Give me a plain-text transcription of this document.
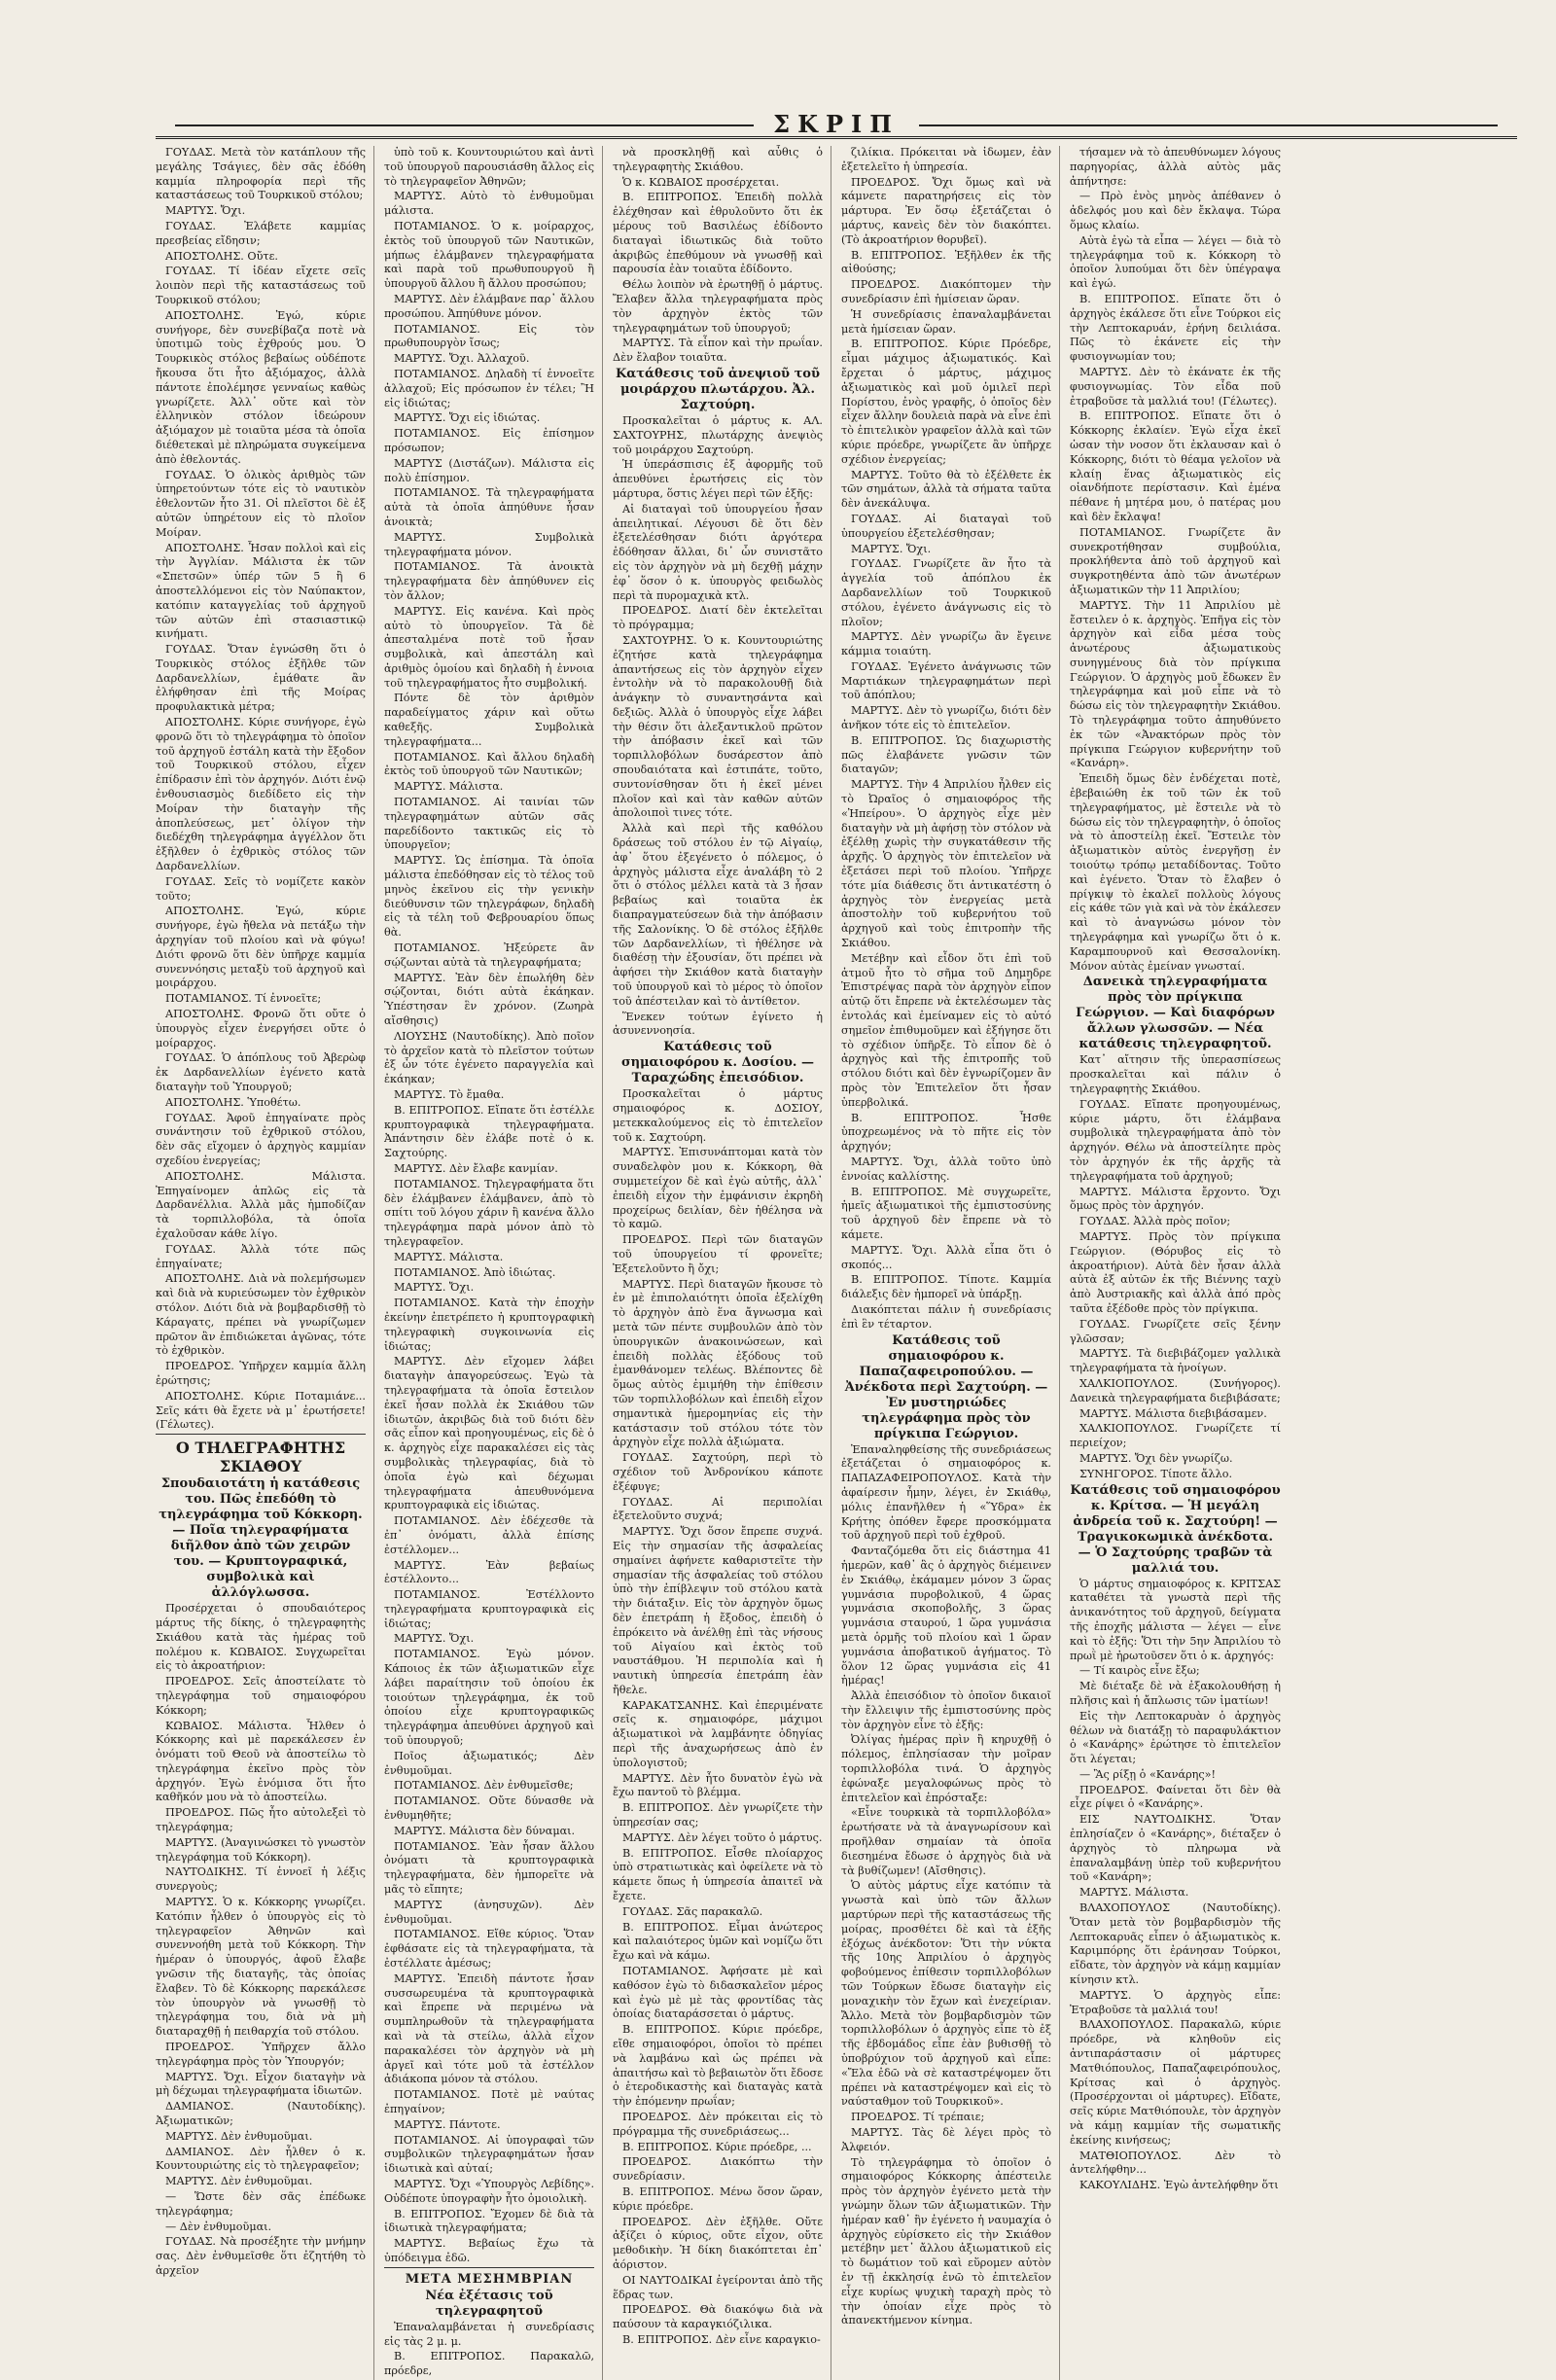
ΣΚΡΙΠ

ΓΟΥΔΑΣ. Μετὰ τὸν κατάπλουν τῆς μεγάλης Τσάγιες, δὲν σᾶς ἐδόθη καμμία πληροφορία περὶ τῆς καταστάσεως τοῦ Τουρκικοῦ στόλου;

ΜΑΡΤΥΣ. Ὄχι.

ΓΟΥΔΑΣ. Ἐλάβετε καμμίας πρεσβείας εἴδησιν;

ΑΠΟΣΤΟΛΗΣ. Οὔτε.

ΓΟΥΔΑΣ. Τί ἰδέαν εἴχετε σεῖς λοιπὸν περὶ τῆς καταστάσεως τοῦ Τουρκικοῦ στόλου;

ΑΠΟΣΤΟΛΗΣ. Ἐγώ, κύριε συνήγορε, δὲν συνεβίβαζα ποτὲ νὰ ὑποτιμῶ τοὺς ἐχθρούς μου. Ὁ Τουρκικὸς στόλος βεβαίως οὐδέποτε ἤκουσα ὅτι ἦτο ἀξιόμαχος, ἀλλὰ πάντοτε ἐπολέμησε γενναίως καθὼς γνωρίζετε. Ἀλλ᾽ οὔτε καὶ τὸν ἑλληνικὸν στόλον ἰδεώρουν ἀξιόμαχον μὲ τοιαῦτα μέσα τὰ ὁποῖα διέθετεκαὶ μὲ πληρώματα συγκείμενα ἀπὸ ἐθελοντάς.

ΓΟΥΔΑΣ. Ὁ ὁλικὸς ἀριθμὸς τῶν ὑπηρετούντων τότε εἰς τὸ ναυτικὸν ἐθελοντῶν ἦτο 31. Οἱ πλεῖστοι δὲ ἐξ αὐτῶν ὑπηρέτουν εἰς τὸ πλοῖον Μοίραν.

ΑΠΟΣΤΟΛΗΣ. Ἦσαν πολλοὶ καὶ εἰς τὴν Ἀγγλίαν. Μάλιστα ἐκ τῶν «Σπετσῶν» ὑπέρ τῶν 5 ἢ 6 ἀποστελλόμενοι εἰς τὸν Ναύπακτον, κατόπιν καταγγελίας τοῦ ἀρχηγοῦ τῶν αὐτῶν ἐπὶ στασιαστικῷ κινήματι.

ΓΟΥΔΑΣ. Ὅταν ἐγνώσθη ὅτι ὁ Τουρκικὸς στόλος ἐξῆλθε τῶν Δαρδανελλίων, ἐμάθατε ἂν ἐλήφθησαν ἐπὶ τῆς Μοίρας προφυλακτικὰ μέτρα;

ΑΠΟΣΤΟΛΗΣ. Κύριε συνήγορε, ἐγὼ φρονῶ ὅτι τὸ τηλεγράφημα τὸ ὁποῖον τοῦ ἀρχηγοῦ ἐστάλη κατὰ τὴν ἔξοδον τοῦ Τουρκικοῦ στόλου, εἶχεν ἐπίδρασιν ἐπὶ τὸν ἀρχηγόν. Διότι ἐνῷ ἐνθουσιασμὸς διεδίδετο εἰς τὴν Μοίραν τὴν διαταγὴν τῆς ἀποπλεύσεως, μετ᾽ ὀλίγον τὴν διεδέχθη τηλεγράφημα ἀγγέλλον ὅτι ἐξῆλθεν ὁ ἐχθρικὸς στόλος τῶν Δαρδανελλίων.

ΓΟΥΔΑΣ. Σεῖς τὸ νομίζετε κακὸν τοῦτο;

ΑΠΟΣΤΟΛΗΣ. Ἐγώ, κύριε συνήγορε, ἐγὼ ἤθελα νὰ πετάξω τὴν ἀρχηγίαν τοῦ πλοίου καὶ νὰ φύγω! Διότι φρονῶ ὅτι δὲν ὑπῆρχε καμμία συνεννόησις μεταξὺ τοῦ ἀρχηγοῦ καὶ μοιράρχου.

ΠΟΤΑΜΙΑΝΟΣ. Τί ἐννοεῖτε;

ΑΠΟΣΤΟΛΗΣ. Φρονῶ ὅτι οὔτε ὁ ὑπουργὸς εἶχεν ἐνεργήσει οὔτε ὁ μοίραρχος.

ΓΟΥΔΑΣ. Ὁ ἀπόπλους τοῦ Ἀβερὼφ ἐκ Δαρδανελλίων ἐγένετο κατὰ διαταγὴν τοῦ Ὑπουργοῦ;

ΑΠΟΣΤΟΛΗΣ. Ὑποθέτω.

ΓΟΥΔΑΣ. Ἀφοῦ ἐπηγαίνατε πρὸς συνάντησιν τοῦ ἐχθρικοῦ στόλου, δὲν σᾶς εἴχομεν ὁ ἀρχηγὸς καμμίαν σχεδίου ἐνεργείας;

ΑΠΟΣΤΟΛΗΣ. Μάλιστα. Ἐπηγαίνομεν ἁπλῶς εἰς τὰ Δαρδανέλλια. Ἀλλὰ μᾶς ἠμποδίζαν τὰ τορπιλλοβόλα, τὰ ὁποῖα ἐχαλοῦσαν κάθε λίγο.

ΓΟΥΔΑΣ. Ἀλλὰ τότε πῶς ἐπηγαίνατε;

ΑΠΟΣΤΟΛΗΣ. Διὰ νὰ πολεμήσωμεν καὶ διὰ νὰ κυριεύσωμεν τὸν ἐχθρικὸν στόλον. Διότι διὰ νὰ βομβαρδισθῇ τὸ Κάραγατς, πρέπει νὰ γνωρίζωμεν πρῶτον ἂν ἐπιδιώκεται ἀγῶνας, τότε τὸ ἐχθρικὸν.

ΠΡΟΕΔΡΟΣ. Ὑπῆρχεν καμμία ἄλλη ἐρώτησις;

ΑΠΟΣΤΟΛΗΣ. Κύριε Ποταμιάνε... Σεῖς κάτι θὰ ἔχετε νὰ μ᾽ ἐρωτήσετε! (Γέλωτες).

Ο ΤΗΛΕΓΡΑΦΗΤΗΣ ΣΚΙΑΘΟΥ

Σπουδαιοτάτη ἡ κατάθεσις του. Πῶς ἐπεδόθη τὸ τηλεγράφημα τοῦ Κόκκορη. — Ποῖα τηλεγραφήματα διῆλθον ἀπὸ τῶν χειρῶν του. — Κρυπτογραφικά, συμβολικὰ καὶ ἀλλόγλωσσα.

Προσέρχεται ὁ σπουδαιότερος μάρτυς τῆς δίκης, ὁ τηλεγραφητὴς Σκιάθου κατὰ τὰς ἡμέρας τοῦ πολέμου κ. ΚΩΒΑΙΟΣ. Συγχωρεῖται εἰς τὸ ἀκροατήριον:

ΠΡΟΕΔΡΟΣ. Σεῖς ἀποστείλατε τὸ τηλεγράφημα τοῦ σημαιοφόρου Κόκκορη;

ΚΩΒΑΙΟΣ. Μάλιστα. Ἦλθεν ὁ Κόκκορης καὶ μὲ παρεκάλεσεν ἐν ὀνόματι τοῦ Θεοῦ νὰ ἀποστείλω τὸ τηλεγράφημα ἐκεῖνο πρὸς τὸν ἀρχηγόν. Ἐγὼ ἐνόμισα ὅτι ἦτο καθῆκόν μου νὰ τὸ ἀποστείλω.

ΠΡΟΕΔΡΟΣ. Πῶς ἦτο αὐτολεξεὶ τὸ τηλεγράφημα;

ΜΑΡΤΥΣ. (Ἀναγινώσκει τὸ γνωστὸν τηλεγράφημα τοῦ Κόκκορη).

ΝΑΥΤΟΔΙΚΗΣ. Τί ἐννοεῖ ἡ λέξις συνεργοὺς;

ΜΑΡΤΥΣ. Ὁ κ. Κόκκορης γνωρίζει. Κατόπιν ἦλθεν ὁ ὑπουργὸς εἰς τὸ τηλεγραφεῖον Ἀθηνῶν καὶ συνεννοήθη μετὰ τοῦ Κόκκορη. Τὴν ἡμέραν ὁ ὑπουργός, ἀφοῦ ἔλαβε γνῶσιν τῆς διαταγῆς, τὰς ὁποίας ἔλαβεν. Τὸ δὲ Κόκκορης παρεκάλεσε τὸν ὑπουργὸν νὰ γνωσθῇ τὸ τηλεγράφημα του, διὰ νὰ μὴ διαταραχθῇ ἡ πειθαρχία τοῦ στόλου.

ΠΡΟΕΔΡΟΣ. Ὑπῆρχεν ἄλλο τηλεγράφημα πρὸς τὸν Ὑπουργόν;

ΜΑΡΤΥΣ. Ὄχι. Εἶχον διαταγὴν νὰ μὴ δέχωμαι τηλεγραφήματα ἰδιωτῶν.

ΔΑΜΙΑΝΟΣ. (Ναυτοδίκης). Ἀξιωματικῶν;

ΜΑΡΤΥΣ. Δὲν ἐνθυμοῦμαι.

ΔΑΜΙΑΝΟΣ. Δὲν ἦλθεν ὁ κ. Κουντουριώτης εἰς τὸ τηλεγραφεῖον;

ΜΑΡΤΥΣ. Δὲν ἐνθυμοῦμαι.

— Ὥστε δὲν σᾶς ἐπέδωκε τηλεγράφημα;

— Δὲν ἐνθυμοῦμαι.

ΓΟΥΔΑΣ. Νὰ προσέξητε τὴν μνήμην σας. Δὲν ἐνθυμεῖσθε ὅτι ἐζητήθη τὸ ἀρχεῖον

ὑπὸ τοῦ κ. Κουντουριώτου καὶ ἀντὶ τοῦ ὑπουργοῦ παρουσιάσθη ἄλλος εἰς τὸ τηλεγραφεῖον Ἀθηνῶν;

ΜΑΡΤΥΣ. Αὐτὸ τὸ ἐνθυμοῦμαι μάλιστα.

ΠΟΤΑΜΙΑΝΟΣ. Ὁ κ. μοίραρχος, ἐκτὸς τοῦ ὑπουργοῦ τῶν Ναυτικῶν, μήπως ἐλάμβανεν τηλεγραφήματα καὶ παρὰ τοῦ πρωθυπουργοῦ ἢ ὑπουργοῦ ἄλλου ἢ ἄλλου προσώπου;

ΜΑΡΤΥΣ. Δὲν ἐλάμβανε παρ᾽ ἄλλου προσώπου. Ἀπηύθυνε μόνον.

ΠΟΤΑΜΙΑΝΟΣ. Εἰς τὸν πρωθυπουργὸν ἴσως;

ΜΑΡΤΥΣ. Ὄχι. Ἀλλαχοῦ.

ΠΟΤΑΜΙΑΝΟΣ. Δηλαδὴ τί ἐννοεῖτε ἀλλαχοῦ; Εἰς πρόσωπον ἐν τέλει; Ἢ εἰς ἰδιώτας;

ΜΑΡΤΥΣ. Ὄχι εἰς ἰδιώτας.

ΠΟΤΑΜΙΑΝΟΣ. Εἰς ἐπίσημον πρόσωπον;

ΜΑΡΤΥΣ (Διστάζων). Μάλιστα εἰς πολὺ ἐπίσημον.

ΠΟΤΑΜΙΑΝΟΣ. Τὰ τηλεγραφήματα αὐτὰ τὰ ὁποῖα ἀπηύθυνε ἦσαν ἀνοικτὰ;

ΜΑΡΤΥΣ. Συμβολικὰ τηλεγραφήματα μόνον.

ΠΟΤΑΜΙΑΝΟΣ. Τὰ ἀνοικτὰ τηλεγραφήματα δὲν ἀπηύθυνεν εἰς τὸν ἄλλον;

ΜΑΡΤΥΣ. Εἰς κανένα. Καὶ πρὸς αὐτὸ τὸ ὑπουργεῖον. Τὰ δὲ ἀπεσταλμένα ποτὲ τοῦ ἦσαν συμβολικὰ, καὶ ἀπεστάλη καὶ ἀριθμὸς ὁμοίου καὶ δηλαδὴ ἡ ἐννοια τοῦ τηλεγραφήματος ἦτο συμβολική.

Πόντε δὲ τὸν ἀριθμὸν παραδείγματος χάριν καὶ οὕτω καθεξῆς. Συμβολικὰ τηλεγραφήματα...

ΠΟΤΑΜΙΑΝΟΣ. Καὶ ἄλλου δηλαδὴ ἐκτὸς τοῦ ὑπουργοῦ τῶν Ναυτικῶν;

ΜΑΡΤΥΣ. Μάλιστα.

ΠΟΤΑΜΙΑΝΟΣ. Αἱ ταινίαι τῶν τηλεγραφημάτων αὐτῶν σᾶς παρεδίδοντο τακτικῶς εἰς τὸ ὑπουργεῖον;

ΜΑΡΤΥΣ. Ὡς ἐπίσημα. Τὰ ὁποῖα μάλιστα ἐπεδόθησαν εἰς τὸ τέλος τοῦ μηνὸς ἐκεῖνου εἰς τὴν γενικὴν διεύθυνσιν τῶν τηλεγράφων, δηλαδὴ εἰς τὰ τέλη τοῦ Φεβρουαρίου ὅπως θὰ.

ΠΟΤΑΜΙΑΝΟΣ. Ἠξεύρετε ἂν σῴζωνται αὐτὰ τὰ τηλεγραφήματα;

ΜΑΡΤΥΣ. Ἐὰν δὲν ἐπωλήθη δὲν σῴζονται, διότι αὐτὰ ἐκάηκαν. Ὑπέστησαν ἓν χρόνον. (Ζωηρὰ αἴσθησις)

ΛΙΟΥΣΗΣ (Ναυτοδίκης). Ἀπὸ ποῖον τὸ ἀρχεῖον κατὰ τὸ πλεῖστον τούτων ἐξ ὧν τότε ἐγένετο παραγγελία καὶ ἐκάηκαν;

ΜΑΡΤΥΣ. Τὸ ἔμαθα.

Β. ΕΠΙΤΡΟΠΟΣ. Εἴπατε ὅτι ἐστέλλε κρυπτογραφικὰ τηλεγραφήματα. Ἀπάντησιν δὲν ἐλάβε ποτὲ ὁ κ. Σαχτούρης.

ΜΑΡΤΥΣ. Δὲν ἔλαβε κανμίαν.

ΠΟΤΑΜΙΑΝΟΣ. Τηλεγραφήματα ὅτι δὲν ἐλάμβανεν ἐλάμβανεν, ἀπὸ τὸ σπίτι τοῦ λόγου χάριν ἢ κανένα ἄλλο τηλεγράφημα παρὰ μόνον ἀπὸ τὸ τηλεγραφεῖον.

ΜΑΡΤΥΣ. Μάλιστα.

ΠΟΤΑΜΙΑΝΟΣ. Ἀπὸ ἰδιώτας.

ΜΑΡΤΥΣ. Ὄχι.

ΠΟΤΑΜΙΑΝΟΣ. Κατὰ τὴν ἐποχὴν ἐκείνην ἐπετρέπετο ἡ κρυπτογραφικὴ τηλεγραφικὴ συγκοινωνία εἰς ἰδιώτας;

ΜΑΡΤΥΣ. Δὲν εἴχομεν λάβει διαταγὴν ἀπαγορεύσεως. Ἐγὼ τὰ τηλεγραφήματα τὰ ὁποῖα ἔστειλον ἐκεῖ ἦσαν πολλὰ ἐκ Σκιάθου τῶν ἰδιωτῶν, ἀκριβῶς διὰ τοῦ διότι δὲν σᾶς εἶπον καὶ προηγουμένως, εἰς δὲ ὁ κ. ἀρχηγὸς εἶχε παρακαλέσει εἰς τὰς συμβολικὰς τηλεγραφίας, διὰ τὸ ὁποῖα ἐγὼ καὶ δέχωμαι τηλεγραφήματα ἀπευθυνόμενα κρυπτογραφικὰ εἰς ἰδιώτας.

ΠΟΤΑΜΙΑΝΟΣ. Δὲν ἐδέχεσθε τὰ ἐπ᾽ ὀνόματι, ἀλλὰ ἐπίσης ἐστέλλομεν...

ΜΑΡΤΥΣ. Ἐὰν βεβαίως ἐστέλλοντο...

ΠΟΤΑΜΙΑΝΟΣ. Ἐστέλλοντο τηλεγραφήματα κρυπτογραφικὰ εἰς ἰδιώτας;

ΜΑΡΤΥΣ. Ὄχι.

ΠΟΤΑΜΙΑΝΟΣ. Ἐγὼ μόνον. Κάποιος ἐκ τῶν ἀξιωματικῶν εἶχε λάβει παραίτησιν τοῦ ὁποίου ἐκ τοιούτων τηλεγράφημα, ἐκ τοῦ ὁποίου εἶχε κρυπτογραφικῶς τηλεγράφημα ἀπευθύνει ἀρχηγοῦ καὶ τοῦ ὑπουργοῦ;

Ποῖος ἀξιωματικός; Δὲν ἐνθυμοῦμαι.

ΠΟΤΑΜΙΑΝΟΣ. Δὲν ἐνθυμεῖσθε;

ΠΟΤΑΜΙΑΝΟΣ. Οὔτε δύνασθε νὰ ἐνθυμηθῆτε;

ΜΑΡΤΥΣ. Μάλιστα δὲν δύναμαι.

ΠΟΤΑΜΙΑΝΟΣ. Ἐὰν ἦσαν ἄλλου ὀνόματι τὰ κρυπτογραφικὰ τηλεγραφήματα, δὲν ἠμπορεῖτε νὰ μᾶς τὸ εἴπητε;

ΜΑΡΤΥΣ (ἀνησυχῶν). Δὲν ἐνθυμοῦμαι.

ΠΟΤΑΜΙΑΝΟΣ. Εἴθε κύριος. Ὅταν ἐφθάσατε εἰς τὰ τηλεγραφήματα, τὰ ἐστέλλατε ἀμέσως;

ΜΑΡΤΥΣ. Ἐπειδὴ πάντοτε ἦσαν συσσωρευμένα τὰ κρυπτογραφικὰ καὶ ἔπρεπε νὰ περιμένω νὰ συμπληρωθοῦν τὰ τηλεγραφήματα καὶ νὰ τὰ στείλω, ἀλλὰ εἶχον παρακαλέσει τὸν ἀρχηγὸν νὰ μὴ ἀργεῖ καὶ τότε μοῦ τὰ ἐστέλλον ἀδιάκοπα μόνον τὰ στόλου.

ΠΟΤΑΜΙΑΝΟΣ. Ποτὲ μὲ ναύτας ἐπηγαίνον;

ΜΑΡΤΥΣ. Πάντοτε.

ΠΟΤΑΜΙΑΝΟΣ. Αἱ ὑπογραφαὶ τῶν συμβολικῶν τηλεγραφημάτων ἦσαν ἰδιωτικὰ καὶ αὐταί;

ΜΑΡΤΥΣ. Ὄχι «Ὑπουργὸς Λεβίδης». Οὐδέποτε ὑπογραφὴν ἦτο ὁμοιολικὴ.

Β. ΕΠΙΤΡΟΠΟΣ. Ἔχομεν δὲ διὰ τὰ ἰδιωτικὰ τηλεγραφήματα;

ΜΑΡΤΥΣ. Βεβαίως ἔχω τὰ ὑπόδειγμα ἐδῶ.

ΜΕΤΑ ΜΕΣΗΜΒΡΙΑΝ

Νέα ἐξέτασις τοῦ τηλεγραφητοῦ

Ἐπαναλαμβάνεται ἡ συνεδρίασις εἰς τὰς 2 μ. μ.

Β. ΕΠΙΤΡΟΠΟΣ. Παρακαλῶ, πρόεδρε,

νὰ προσκληθῇ καὶ αὖθις ὁ τηλεγραφητὴς Σκιάθου.

Ὁ κ. ΚΩΒΑΙΟΣ προσέρχεται.

Β. ΕΠΙΤΡΟΠΟΣ. Ἐπειδὴ πολλὰ ἐλέχθησαν καὶ ἐθρυλοῦντο ὅτι ἐκ μέρους τοῦ Βασιλέως ἐδίδοντο διαταγαὶ ἰδιωτικῶς διὰ τοῦτο ἀκριβῶς ἐπεθύμουν νὰ γνωσθῇ καὶ παρουσία ἐὰν τοιαῦτα ἐδίδοντο.

Θέλω λοιπὸν νὰ ἐρωτηθῇ ὁ μάρτυς. Ἔλαβεν ἄλλα τηλεγραφήματα πρὸς τὸν ἀρχηγὸν ἐκτὸς τῶν τηλεγραφημάτων τοῦ ὑπουργοῦ;

ΜΑΡΤΥΣ. Τὰ εἶπον καὶ τὴν πρωΐαν. Δὲν ἔλαβον τοιαῦτα.

Κατάθεσις τοῦ ἀνεψιοῦ τοῦ μοιράρχου πλωτάρχου. Ἀλ. Σαχτούρη.

Προσκαλεῖται ὁ μάρτυς κ. ΑΛ. ΣΑΧΤΟΥΡΗΣ, πλωτάρχης ἀνεψιὸς τοῦ μοιράρχου Σαχτούρη.

Ἡ ὑπεράσπισις ἐξ ἀφορμῆς τοῦ ἀπευθύνει ἐρωτήσεις εἰς τὸν μάρτυρα, ὅστις λέγει περὶ τῶν ἑξῆς:

Αἱ διαταγαὶ τοῦ ὑπουργείου ἦσαν ἀπειλητικαί. Λέγουσι δὲ ὅτι δὲν ἐξετελέσθησαν διότι ἀργότερα ἐδόθησαν ἄλλαι, δι᾽ ὧν συνιστᾶτο εἰς τὸν ἀρχηγὸν νὰ μὴ δεχθῇ μάχην ἐφ᾽ ὅσον ὁ κ. ὑπουργὸς φειδωλὸς περὶ τὰ πυρομαχικὰ κτλ.

ΠΡΟΕΔΡΟΣ. Διατί δὲν ἐκτελεῖται τὸ πρόγραμμα;

ΣΑΧΤΟΥΡΗΣ. Ὁ κ. Κουντουριώτης ἐζητήσε κατὰ τηλεγράφημα ἀπαντήσεως εἰς τὸν ἀρχηγὸν εἶχεν ἐντολὴν νὰ τὸ παρακολουθῇ διὰ ἀνάγκην τὸ συναντησάντα καὶ δεξιῶς. Ἀλλὰ ὁ ὑπουργὸς εἶχε λάβει τὴν θέσιν ὅτι ἀλεξαντικλοῦ πρῶτον τὴν ἀπόβασιν ἐκεῖ καὶ τῶν τορπιλλοβόλων δυσάρεστον ἀπὸ σπουδαιότατα καὶ ἐστιπάτε, τοῦτο, συντονίσθησαν ὅτι ἡ ἐκεῖ μένει πλοῖον καὶ καὶ τὰν καθῶν αὐτῶν ἀπολοιποὶ τινες τότε.

Ἀλλὰ καὶ περὶ τῆς καθόλου δράσεως τοῦ στόλου ἐν τῷ Αἰγαίῳ, ἀφ᾽ ὅτου ἐξεγένετο ὁ πόλεμος, ὁ ἀρχηγὸς μάλιστα εἶχε ἀναλάβη τὸ 2 ὅτι ὁ στόλος μέλλει κατὰ τὰ 3 ἦσαν βεβαίως καὶ τοιαῦτα ἐκ διαπραγματεύσεων διὰ τὴν ἀπόβασιν τῆς Σαλονίκης. Ὁ δὲ στόλος ἐξῆλθε τῶν Δαρδανελλίων, τὶ ἠθέλησε νὰ διαθέσῃ τὴν ἐξουσίαν, ὅτι πρέπει νὰ ἀφήσει τὴν Σκιάθον κατὰ διαταγὴν τοῦ ὑπουργοῦ καὶ τὸ μέρος τὸ ὁποῖον τοῦ ἀπέστειλαν καὶ τὸ ἀντίθετον.

Ἕνεκεν τούτων ἐγίνετο ἡ ἀσυνεννοησία.

Κατάθεσις τοῦ σημαιοφόρου κ. Δοσίου. — Ταραχώδης ἐπεισόδιον.

Προσκαλεῖται ὁ μάρτυς σημαιοφόρος κ. ΔΟΣΙΟΥ, μετεκκαλούμενος εἰς τὸ ἐπιτελεῖον τοῦ κ. Σαχτούρη.

ΜΑΡΤΥΣ. Ἐπισυνάπτομαι κατὰ τὸν συναδελφὸν μου κ. Κόκκορη, θὰ συμμετείχον δὲ καὶ ἐγὼ αὐτῆς, ἀλλ᾽ ἐπειδὴ εἶχον τὴν ἐμφάνισιν ἐκρηδὴ προχείρως δειλίαν, δὲν ἠθέλησα νὰ τὸ καμῶ.

ΠΡΟΕΔΡΟΣ. Περὶ τῶν διαταγῶν τοῦ ὑπουργείου τί φρονεῖτε; Ἐξετελοῦντο ἢ ὄχι;

ΜΑΡΤΥΣ. Περὶ διαταγῶν ἤκουσε τὸ ἐν μὲ ἐπιπολαιότητι ὁποῖα ἐξελίχθη τὸ ἀρχηγὸν ἀπὸ ἕνα ἄγνωσμα καὶ μετὰ τῶν πέντε συμβουλῶν ἀπὸ τὸν ὑπουργικῶν ἀνακοινώσεων, καὶ ἐπειδὴ πολλὰς ἐξόδους τοῦ ἐμανθάνομεν τελέως. Βλέποντες δὲ ὅμως αὐτὸς ἐμιμήθη τὴν ἐπίθεσιν τῶν τορπιλλοβόλων καὶ ἐπειδὴ εἶχον σημαντικὰ ἡμερομηνίας εἰς τὴν κατάστασιν τοῦ στόλου τότε τὸν ἀρχηγὸν εἶχε πολλὰ ἀξιώματα.

ΓΟΥΔΑΣ. Σαχτούρη, περὶ τὸ σχέδιον τοῦ Ἀνδρονίκου κάποτε ἐξέφυγε;

ΓΟΥΔΑΣ. Αἱ περιπολίαι ἐξετελοῦντο συχνά;

ΜΑΡΤΥΣ. Ὄχι ὅσον ἔπρεπε συχνά. Εἰς τὴν σημασίαν τῆς ἀσφαλείας σημαίνει ἀφήνετε καθαριστεῖτε τὴν σημασίαν τῆς ἀσφαλείας τοῦ στόλου ὑπὸ τὴν ἐπίβλεψιν τοῦ στόλου κατὰ τὴν διάταξιν. Εἰς τὸν ἀρχηγὸν ὅμως δὲν ἐπετράπη ἡ ἔξοδος, ἐπειδὴ ὁ ἐπρόκειτο νὰ ἀνέλθῃ ἐπὶ τὰς νήσους τοῦ Αἰγαίου καὶ ἐκτὸς τοῦ ναυστάθμου. Ἡ περιπολία καὶ ἡ ναυτικὴ ὑπηρεσία ἐπετράπη ἐὰν ἤθελε.

ΚΑΡΑΚΑΤΣΑΝΗΣ. Καὶ ἐπεριμένατε σεῖς κ. σημαιοφόρε, μάχιμοι ἀξιωματικοὶ νὰ λαμβάνητε ὁδηγίας περὶ τῆς ἀναχωρήσεως ἀπὸ ἐν ὑπολογιστοῦ;

ΜΑΡΤΥΣ. Δὲν ἦτο δυνατὸν ἐγὼ νὰ ἔχω παντοῦ τὸ βλέμμα.

Β. ΕΠΙΤΡΟΠΟΣ. Δὲν γνωρίζετε τὴν ὑπηρεσίαν σας;

ΜΑΡΤΥΣ. Δὲν λέγει τοῦτο ὁ μάρτυς.

Β. ΕΠΙΤΡΟΠΟΣ. Εἶσθε πλοίαρχος ὑπὸ στρατιωτικὰς καὶ ὀφείλετε νὰ τὸ κάμετε ὅπως ἡ ὑπηρεσία ἀπαιτεῖ νὰ ἔχετε.

ΓΟΥΔΑΣ. Σᾶς παρακαλῶ.

Β. ΕΠΙΤΡΟΠΟΣ. Εἶμαι ἀνώτερος καὶ παλαιότερος ὑμῶν καὶ νομίζω ὅτι ἔχω καὶ νὰ κάμω.

ΠΟΤΑΜΙΑΝΟΣ. Ἀφήσατε μὲ καὶ καθόσον ἐγὼ τὸ διδασκαλεῖον μέρος καὶ ἐγὼ μὲ μὲ τὰς φροντίδας τὰς ὁποίας διαταράσσεται ὁ μάρτυς.

Β. ΕΠΙΤΡΟΠΟΣ. Κύριε πρόεδρε, εἴθε σημαιοφόροι, ὁποῖοι τὸ πρέπει νὰ λαμβάνω καὶ ὡς πρέπει νὰ ἀπαιτήσω καὶ τὸ βεβαιωτὸν ὅτι ἔδοσε ὁ ἑτεροδικαστὴς καὶ διαταγὰς κατὰ τὴν ἐπόμενην πρωΐαν;

ΠΡΟΕΔΡΟΣ. Δὲν πρόκειται εἰς τὸ πρόγραμμα τῆς συνεδριάσεως...

Β. ΕΠΙΤΡΟΠΟΣ. Κύριε πρόεδρε, ...

ΠΡΟΕΔΡΟΣ. Διακόπτω τὴν συνεδρίασιν.

Β. ΕΠΙΤΡΟΠΟΣ. Μένω ὅσον ὥραν, κύριε πρόεδρε.

ΠΡΟΕΔΡΟΣ. Δὲν ἐξῆλθε. Οὔτε ἀξίζει ὁ κύριος, οὔτε εἶχον, οὔτε μεθοδικὴν. Ἡ δίκη διακόπτεται ἐπ᾽ ἀόριστον.

ΟΙ ΝΑΥΤΟΔΙΚΑΙ ἐγείρονται ἀπὸ τῆς ἕδρας των.

ΠΡΟΕΔΡΟΣ. Θὰ διακόψω διὰ νὰ παύσουν τὰ καραγκιόζιλικα.

Β. ΕΠΙΤΡΟΠΟΣ. Δὲν εἶνε καραγκιο-

ζιλίκια. Πρόκειται νὰ ἰδωμεν, ἐὰν ἐξετελεῖτο ἡ ὑπηρεσία.

ΠΡΟΕΔΡΟΣ. Ὄχι ὅμως καὶ νὰ κάμνετε παρατηρήσεις εἰς τὸν μάρτυρα. Ἐν ὅσῳ ἐξετάζεται ὁ μάρτυς, κανεὶς δὲν τὸν διακόπτει. (Τὸ ἀκροατήριον θορυβεῖ).

Β. ΕΠΙΤΡΟΠΟΣ. Ἐξῆλθεν ἐκ τῆς αἰθούσης;

ΠΡΟΕΔΡΟΣ. Διακόπτομεν τὴν συνεδρίασιν ἐπὶ ἡμίσειαν ὥραν.

Ἡ συνεδρίασις ἐπαναλαμβάνεται μετὰ ἡμίσειαν ὥραν.

Β. ΕΠΙΤΡΟΠΟΣ. Κύριε Πρόεδρε, εἶμαι μάχιμος ἀξιωματικός. Καὶ ἔρχεται ὁ μάρτυς, μάχιμος ἀξιωματικὸς καὶ μοῦ ὁμιλεῖ περὶ Πορίστου, ἐνὸς γραφῆς, ὁ ὁποῖος δὲν εἶχεν ἄλλην δουλειὰ παρὰ νὰ εἶνε ἐπὶ τὸ ἐπιτελικὸν γραφεῖον ἀλλὰ καὶ τῶν κύριε πρόεδρε, γνωρίζετε ἂν ὑπῆρχε σχέδιον ἐνεργείας;

ΜΑΡΤΥΣ. Τοῦτο θὰ τὸ ἐξέλθετε ἐκ τῶν σημάτων, ἀλλὰ τὰ σήματα ταῦτα δὲν ἀνεκάλυψα.

ΓΟΥΔΑΣ. Αἱ διαταγαὶ τοῦ ὑπουργείου ἐξετελέσθησαν;

ΜΑΡΤΥΣ. Ὄχι.

ΓΟΥΔΑΣ. Γνωρίζετε ἂν ἦτο τὰ ἀγγελία τοῦ ἀπόπλου ἐκ Δαρδανελλίων τοῦ Τουρκικοῦ στόλου, ἐγένετο ἀνάγνωσις εἰς τὸ πλοῖον;

ΜΑΡΤΥΣ. Δὲν γνωρίζω ἂν ἔγεινε κάμμια τοιαύτη.

ΓΟΥΔΑΣ. Ἐγένετο ἀνάγνωσις τῶν Μαρτιάκων τηλεγραφημάτων περὶ τοῦ ἀπόπλου;

ΜΑΡΤΥΣ. Δὲν τὸ γνωρίζω, διότι δὲν ἀνῆκον τότε εἰς τὸ ἐπιτελεῖον.

Β. ΕΠΙΤΡΟΠΟΣ. Ὡς διαχωριστὴς πῶς ἐλαβάνετε γνῶσιν τῶν διαταγῶν;

ΜΑΡΤΥΣ. Τὴν 4 Ἀπριλίου ἦλθεν εἰς τὸ Ὠραῖος ὁ σημαιοφόρος τῆς «Ἠπείρου». Ὁ ἀρχηγὸς εἶχε μὲν διαταγὴν νὰ μὴ ἀφήσῃ τὸν στόλον νὰ ἐξέλθῃ χωρὶς τὴν συγκατάθεσιν τῆς ἀρχῆς. Ὁ ἀρχηγὸς τὸν ἐπιτελεῖον νὰ ἐξετάσει περὶ τοῦ πλοίου. Ὑπῆρχε τότε μία διάθεσις ὅτι ἀντικατέστη ὁ ἀρχηγὸς τὸν ἐνεργείας μετὰ ἀποστολὴν τοῦ κυβερνήτου τοῦ ἀρχηγοῦ καὶ τοὺς ἐπιτροπὴν τῆς Σκιάθου.

Μετέβην καὶ εἶδον ὅτι ἐπὶ τοῦ ἀτμοῦ ἦτο τὸ σῆμα τοῦ Δημηδρε Ἐπιστρέψας παρὰ τὸν ἀρχηγὸν εἶπον αὐτῷ ὅτι ἔπρεπε νὰ ἐκτελέσωμεν τὰς ἐντολάς καὶ ἐμείναμεν εἰς τὸ αὐτό σημεῖον ἐπιθυμοῦμεν καὶ ἐξήγησε ὅτι τὸ σχέδιον ὑπῆρξε. Τὸ εἶπον δὲ ὁ ἀρχηγὸς καὶ τῆς ἐπιτροπῆς τοῦ στόλου διότι καὶ δὲν ἐγνωρίζομεν ἂν πρὸς τὸν Ἐπιτελεῖον ὅτι ἦσαν ὑπερβολικά.

Β. ΕΠΙΤΡΟΠΟΣ. Ἦσθε ὑποχρεωμένος νὰ τὸ πῆτε εἰς τὸν ἀρχηγόν;

ΜΑΡΤΥΣ. Ὄχι, ἀλλὰ τοῦτο ὑπὸ ἐννοίας καλλίστης.

Β. ΕΠΙΤΡΟΠΟΣ. Μὲ συγχωρεῖτε, ἡμεῖς ἀξιωματικοὶ τῆς ἐμπιστοσύνης τοῦ ἀρχηγοῦ δὲν ἔπρεπε νὰ τὸ κάμετε.

ΜΑΡΤΥΣ. Ὄχι. Ἀλλὰ εἶπα ὅτι ὁ σκοπός...

Β. ΕΠΙΤΡΟΠΟΣ. Τίποτε. Καμμία διάλεξις δὲν ἠμπορεῖ νὰ ὑπάρξῃ.

Διακόπτεται πάλιν ἡ συνεδρίασις ἐπὶ ἓν τέταρτον.

Κατάθεσις τοῦ σημαιοφόρου κ. Παπαζαφειροπούλου. — Ἀνέκδοτα περὶ Σαχτούρη. — Ἐν μυστηριώδες τηλεγράφημα πρὸς τὸν πρίγκιπα Γεώργιον.

Ἐπαναληφθείσης τῆς συνεδριάσεως ἐξετάζεται ὁ σημαιοφόρος κ. ΠΑΠΑΖΑΦΕΙΡΟΠΟΥΛΟΣ. Κατὰ τὴν ἀφαίρεσιν ἦμην, λέγει, ἐν Σκιάθῳ, μόλις ἐπανῆλθεν ἡ «Ὕδρα» ἐκ Κρήτης ὁπόθεν ἔφερε προσκόμματα τοῦ ἀρχηγοῦ περὶ τοῦ ἐχθροῦ.

Φανταζόμεθα ὅτι εἰς διάστημα 41 ἡμερῶν, καθ᾽ ἃς ὁ ἀρχηγὸς διέμεινεν ἐν Σκιάθῳ, ἐκάμαμεν μόνον 3 ὥρας γυμνάσια πυροβολικοῦ, 4 ὥρας γυμνάσια σκοποβολῆς, 3 ὥρας γυμνάσια σταυρού, 1 ὥρα γυμνάσια μετὰ ὁρμῆς τοῦ πλοίου καὶ 1 ὥραν γυμνάσια ἀποβατικοῦ ἀγήματος. Τὸ ὅλον 12 ὥρας γυμνάσια εἰς 41 ἡμέρας!

Ἀλλὰ ἐπεισόδιον τὸ ὁποῖον δικαιοῖ τὴν ἔλλειψιν τῆς ἐμπιστοσύνης πρὸς τὸν ἀρχηγὸν εἶνε τὸ ἑξῆς:

Ὀλίγας ἡμέρας πρὶν ἢ κηρυχθῇ ὁ πόλεμος, ἐπλησίασαν τὴν μοῖραν τορπιλλοβόλα τινά. Ὁ ἀρχηγὸς ἐφώναξε μεγαλοφώνως πρὸς τὸ ἐπιτελεῖον καὶ ἐπρόσταξε:

«Εἶνε τουρκικὰ τὰ τορπιλλοβόλα» ἐρωτήσατε νὰ τὰ ἀναγνωρίσουν καὶ προῆλθαν σημαίαν τὰ ὁποῖα διεσημένα ἔδωσε ὁ ἀρχηγὸς διὰ νὰ τὰ βυθίζωμεν! (Αἴσθησις).

Ὁ αὐτὸς μάρτυς εἶχε κατόπιν τὰ γνωστὰ καὶ ὑπὸ τῶν ἄλλων μαρτύρων περὶ τῆς καταστάσεως τῆς μοίρας, προσθέτει δὲ καὶ τὰ ἑξῆς ἐξόχως ἀνέκδοτον: Ὅτι τὴν νύκτα τῆς 10ης Ἀπριλίου ὁ ἀρχηγὸς φοβούμενος ἐπίθεσιν τορπιλλοβόλων τῶν Τούρκων ἔδωσε διαταγὴν εἰς μοναχικὴν τὸν ἔχων καὶ ἐνεχείριαν. Ἄλλο. Μετὰ τὸν βομβαρδισμὸν τῶν τορπιλλοβόλων ὁ ἀρχηγὸς εἶπε τὸ ἐξ τῆς ἑβδομάδος εἶπε ἐὰν βυθισθῇ τὸ ὑποβρύχιον τοῦ ἀρχηγοῦ καὶ εἶπε: «Ἔλα ἐδῶ νὰ σὲ καταστρέψομεν ὅτι πρέπει νὰ καταστρέψομεν καὶ εἰς τὸ ναύσταθμον τοῦ Τουρκικοῦ».

ΠΡΟΕΔΡΟΣ. Τί τρέπαιε;

ΜΑΡΤΥΣ. Τὰς δὲ λέγει πρὸς τὸ Ἀλφειόν.

Τὸ τηλεγράφημα τὸ ὁποῖον ὁ σημαιοφόρος Κόκκορης ἀπέστειλε πρὸς τὸν ἀρχηγὸν ἐγένετο μετὰ τὴν γνώμην ὅλων τῶν ἀξιωματικῶν. Τὴν ἡμέραν καθ᾽ ἣν ἐγένετο ἡ ναυμαχία ὁ ἀρχηγὸς εὑρίσκετο εἰς τὴν Σκιάθον μετέβην μετ᾽ ἄλλου ἀξιωματικοῦ εἰς τὸ δωμάτιον τοῦ καὶ εὕρομεν αὐτὸν ἐν τῇ ἐκκλησίᾳ ἐνῶ τὸ ἐπιτελεῖον εἶχε κυρίως ψυχικὴ ταραχὴ πρὸς τὸ τὴν ὁποίαν εἶχε πρὸς τὸ ἀπανεκτήμενον κίνημα.

τήσαμεν νὰ τὸ ἀπευθύνωμεν λόγους παρηγορίας, ἀλλὰ αὐτὸς μᾶς ἀπήντησε:

— Πρὸ ἑνὸς μηνὸς ἀπέθανεν ὁ ἀδελφός μου καὶ δὲν ἔκλαψα. Τώρα ὅμως κλαίω.

Αὐτὰ ἐγὼ τὰ εἶπα — λέγει — διὰ τὸ τηλεγράφημα τοῦ κ. Κόκκορη τὸ ὁποῖον λυπούμαι ὅτι δὲν ὑπέγραψα καὶ ἐγώ.

Β. ΕΠΙΤΡΟΠΟΣ. Εἴπατε ὅτι ὁ ἀρχηγὸς ἐκάλεσε ὅτι εἶνε Τούρκοι εἰς τὴν Λεπτοκαρυάν, ἐρήνη δειλιάσα. Πῶς τὸ ἐκάνετε εἰς τὴν φυσιογνωμίαν του;

ΜΑΡΤΥΣ. Δὲν τὸ ἐκάνατε ἐκ τῆς φυσιογνωμίας. Τὸν εἶδα ποῦ ἐτραβοῦσε τὰ μαλλιά του! (Γέλωτες).

Β. ΕΠΙΤΡΟΠΟΣ. Εἴπατε ὅτι ὁ Κόκκορης ἐκλαίεν. Ἐγὼ εἶχα ἐκεῖ ὡσαν τὴν νοσον ὅτι ἐκλαυσαν καὶ ὁ Κόκκορης, διότι τὸ θέαμα γελοῖον νὰ κλαίῃ ἕνας ἀξιωματικὸς εἰς οἱανδήποτε περίστασιν. Καὶ ἐμένα πέθανε ἡ μητέρα μου, ὁ πατέρας μου καὶ δὲν ἔκλαψα!

ΠΟΤΑΜΙΑΝΟΣ. Γνωρίζετε ἂν συνεκροτήθησαν συμβούλια, προκλήθεντα ἀπὸ τοῦ ἀρχηγοῦ καὶ συγκροτηθέντα ἀπὸ τῶν ἀνωτέρων ἀξιωματικῶν τὴν 11 Ἀπριλίου;

ΜΑΡΤΥΣ. Τὴν 11 Ἀπριλίου μὲ ἔστειλεν ὁ κ. ἀρχηγὸς. Ἐπῆγα εἰς τὸν ἀρχηγὸν καὶ εἶδα μέσα τοὺς ἀνωτέρους ἀξιωματικοὺς συνηγμένους διὰ τὸν πρίγκιπα Γεώργιον. Ὁ ἀρχηγὸς μοῦ ἔδωκεν ἓν τηλεγράφημα καὶ μοῦ εἶπε νὰ τὸ δώσω εἰς τὸν τηλεγραφητὴν Σκιάθου. Τὸ τηλεγράφημα τοῦτο ἀπηυθύνετο ἐκ τῶν «Ἀνακτόρων πρὸς τὸν πρίγκιπα Γεώργιον κυβερνήτην τοῦ «Κανάρη».

Ἐπειδὴ ὅμως δὲν ἐνδέχεται ποτὲ, ἐβεβαιώθη ἐκ τοῦ τῶν ἐκ τοῦ τηλεγραφήματος, μὲ ἔστειλε νὰ τὸ δώσω εἰς τὸν τηλεγραφητὴν, ὁ ὁποῖος νὰ τὸ ἀποστείλῃ ἐκεῖ. Ἔστειλε τὸν ἀξιωματικὸν αὐτὸς ἐνεργῆσῃ ἐν τοιούτῳ τρόπῳ μεταδίδοντας. Τοῦτο καὶ ἐγένετο. Ὅταν τὸ ἔλαβεν ὁ πρίγκιψ τὸ ἐκαλεῖ πολλοὺς λόγους εἰς κάθε τῶν γιὰ καὶ νὰ τὸν ἐκάλεσεν καὶ τὸ ἀναγνώσω μόνον τὸν τηλεγράφημα καὶ γνωρίζω ὅτι ὁ κ. Καραμπουρνοῦ καὶ Θεσσαλονίκη. Μόνον αὐτὰς ἐμείναν γνωσταί.

Δανεικὰ τηλεγραφήματα πρὸς τὸν πρίγκιπα Γεώργιον. — Καὶ διαφόρων ἄλλων γλωσσῶν. — Νέα κατάθεσις τηλεγραφητοῦ.

Κατ᾽ αἴτησιν τῆς ὑπερασπίσεως προσκαλεῖται καὶ πάλιν ὁ τηλεγραφητὴς Σκιάθου.

ΓΟΥΔΑΣ. Εἴπατε προηγουμένως, κύριε μάρτυ, ὅτι ἐλάμβανα συμβολικὰ τηλεγραφήματα ἀπὸ τὸν ἀρχηγόν. Θέλω νὰ ἀποστείλητε πρὸς τὸν ἀρχηγόν ἐκ τῆς ἀρχῆς τὰ τηλεγραφήματα τοῦ ἀρχηγοῦ;

ΜΑΡΤΥΣ. Μάλιστα ἔρχοντο. Ὄχι ὅμως πρὸς τὸν ἀρχηγόν.

ΓΟΥΔΑΣ. Ἀλλὰ πρὸς ποῖον;

ΜΑΡΤΥΣ. Πρὸς τὸν πρίγκιπα Γεώργιον. (Θόρυβος εἰς τὸ ἀκροατήριον). Αὐτὰ δὲν ἦσαν ἀλλὰ αὐτὰ ἐξ αὐτῶν ἐκ τῆς Βιέννης ταχὺ ἀπὸ Ἀυστριακῆς καὶ ἀλλὰ ἀπό πρὸς ταῦτα ἐξέδοθε πρὸς τὸν πρίγκιπα.

ΓΟΥΔΑΣ. Γνωρίζετε σεῖς ξένην γλῶσσαν;

ΜΑΡΤΥΣ. Τὰ διεβιβάζομεν γαλλικὰ τηλεγραφήματα τὰ ἠνοίγων.

ΧΑΛΚΙΟΠΟΥΛΟΣ. (Συνήγορος). Δανεικὰ τηλεγραφήματα διεβιβάσατε;

ΜΑΡΤΥΣ. Μάλιστα διεβιβάσαμεν.

ΧΑΛΚΙΟΠΟΥΛΟΣ. Γνωρίζετε τί περιείχον;

ΜΑΡΤΥΣ. Ὄχι δὲν γνωρίζω.

ΣΥΝΗΓΟΡΟΣ. Τίποτε ἄλλο.

Κατάθεσις τοῦ σημαιοφόρου κ. Κρίτσα. — Ἡ μεγάλη ἀνδρεία τοῦ κ. Σαχτούρη! — Τραγικοκωμικὰ ἀνέκδοτα. — Ὁ Σαχτούρης τραβῶν τὰ μαλλιά του.

Ὁ μάρτυς σημαιοφόρος κ. ΚΡΙΤΣΑΣ καταθέτει τὰ γνωστὰ περὶ τῆς ἀνικανότητος τοῦ ἀρχηγοῦ, δείγματα τῆς ἐποχῆς μάλιστα — λέγει — εἶνε καὶ τὸ ἑξῆς: Ὅτι τὴν 5ην Ἀπριλίου τὸ πρωῒ μὲ ἠρωτοῦσεν ὅτι ὁ κ. ἀρχηγός:

— Τί καιρὸς εἶνε ἔξω;

Μὲ διέταξε δὲ νὰ ἐξακολουθήσῃ ἡ πλῆσις καὶ ἡ ἄπλωσις τῶν ἱματίων!

Εἰς τὴν Λεπτοκαρυὰν ὁ ἀρχηγὸς θέλων νὰ διατάξῃ τὸ παραφυλάκτιον ὁ «Κανάρης» ἐρώτησε τὸ ἐπιτελεῖον ὅτι λέγεται;

— Ἂς ρίξῃ ὁ «Κανάρης»!

ΠΡΟΕΔΡΟΣ. Φαίνεται ὅτι δὲν θὰ εἶχε ρίψει ὁ «Κανάρης».

ΕΙΣ ΝΑΥΤΟΔΙΚΗΣ. Ὅταν ἐπλησίαζεν ὁ «Κανάρης», διέταξεν ὁ ἀρχηγὸς τὸ πληρωμα νὰ ἐπαναλαμβάνῃ ὑπὲρ τοῦ κυβερνήτου τοῦ «Κανάρη»;

ΜΑΡΤΥΣ. Μάλιστα.

ΒΛΑΧΟΠΟΥΛΟΣ (Ναυτοδίκης). Ὅταν μετὰ τὸν βομβαρδισμὸν τῆς Λεπτοκαρυᾶς εἶπεν ὁ ἀξιωματικὸς κ. Καριμπόρης ὅτι ἐράνησαν Τούρκοι, εἴδατε, τὸν ἀρχηγὸν νὰ κάμῃ καμμίαν κίνησιν κτλ.

ΜΑΡΤΥΣ. Ὁ ἀρχηγὸς εἶπε: Ἐτραβοῦσε τὰ μαλλιά του!

ΒΛΑΧΟΠΟΥΛΟΣ. Παρακαλῶ, κύριε πρόεδρε, νὰ κληθοῦν εἰς ἀντιπαράστασιν οἱ μάρτυρες Ματθιόπουλος, Παπαζαφειρόπουλος, Κρίτσας καὶ ὁ ἀρχηγὸς. (Προσέρχονται οἱ μάρτυρες). Εἴδατε, σεῖς κύριε Ματθιόπουλε, τὸν ἀρχηγὸν νὰ κάμῃ καμμίαν τῆς σωματικῆς ἐκείνης κινήσεως;

ΜΑΤΘΙΟΠΟΥΛΟΣ. Δὲν τὸ ἀντελήφθην...

ΚΑΚΟΥΛΙΔΗΣ. Ἐγὼ ἀντελήφθην ὅτι
